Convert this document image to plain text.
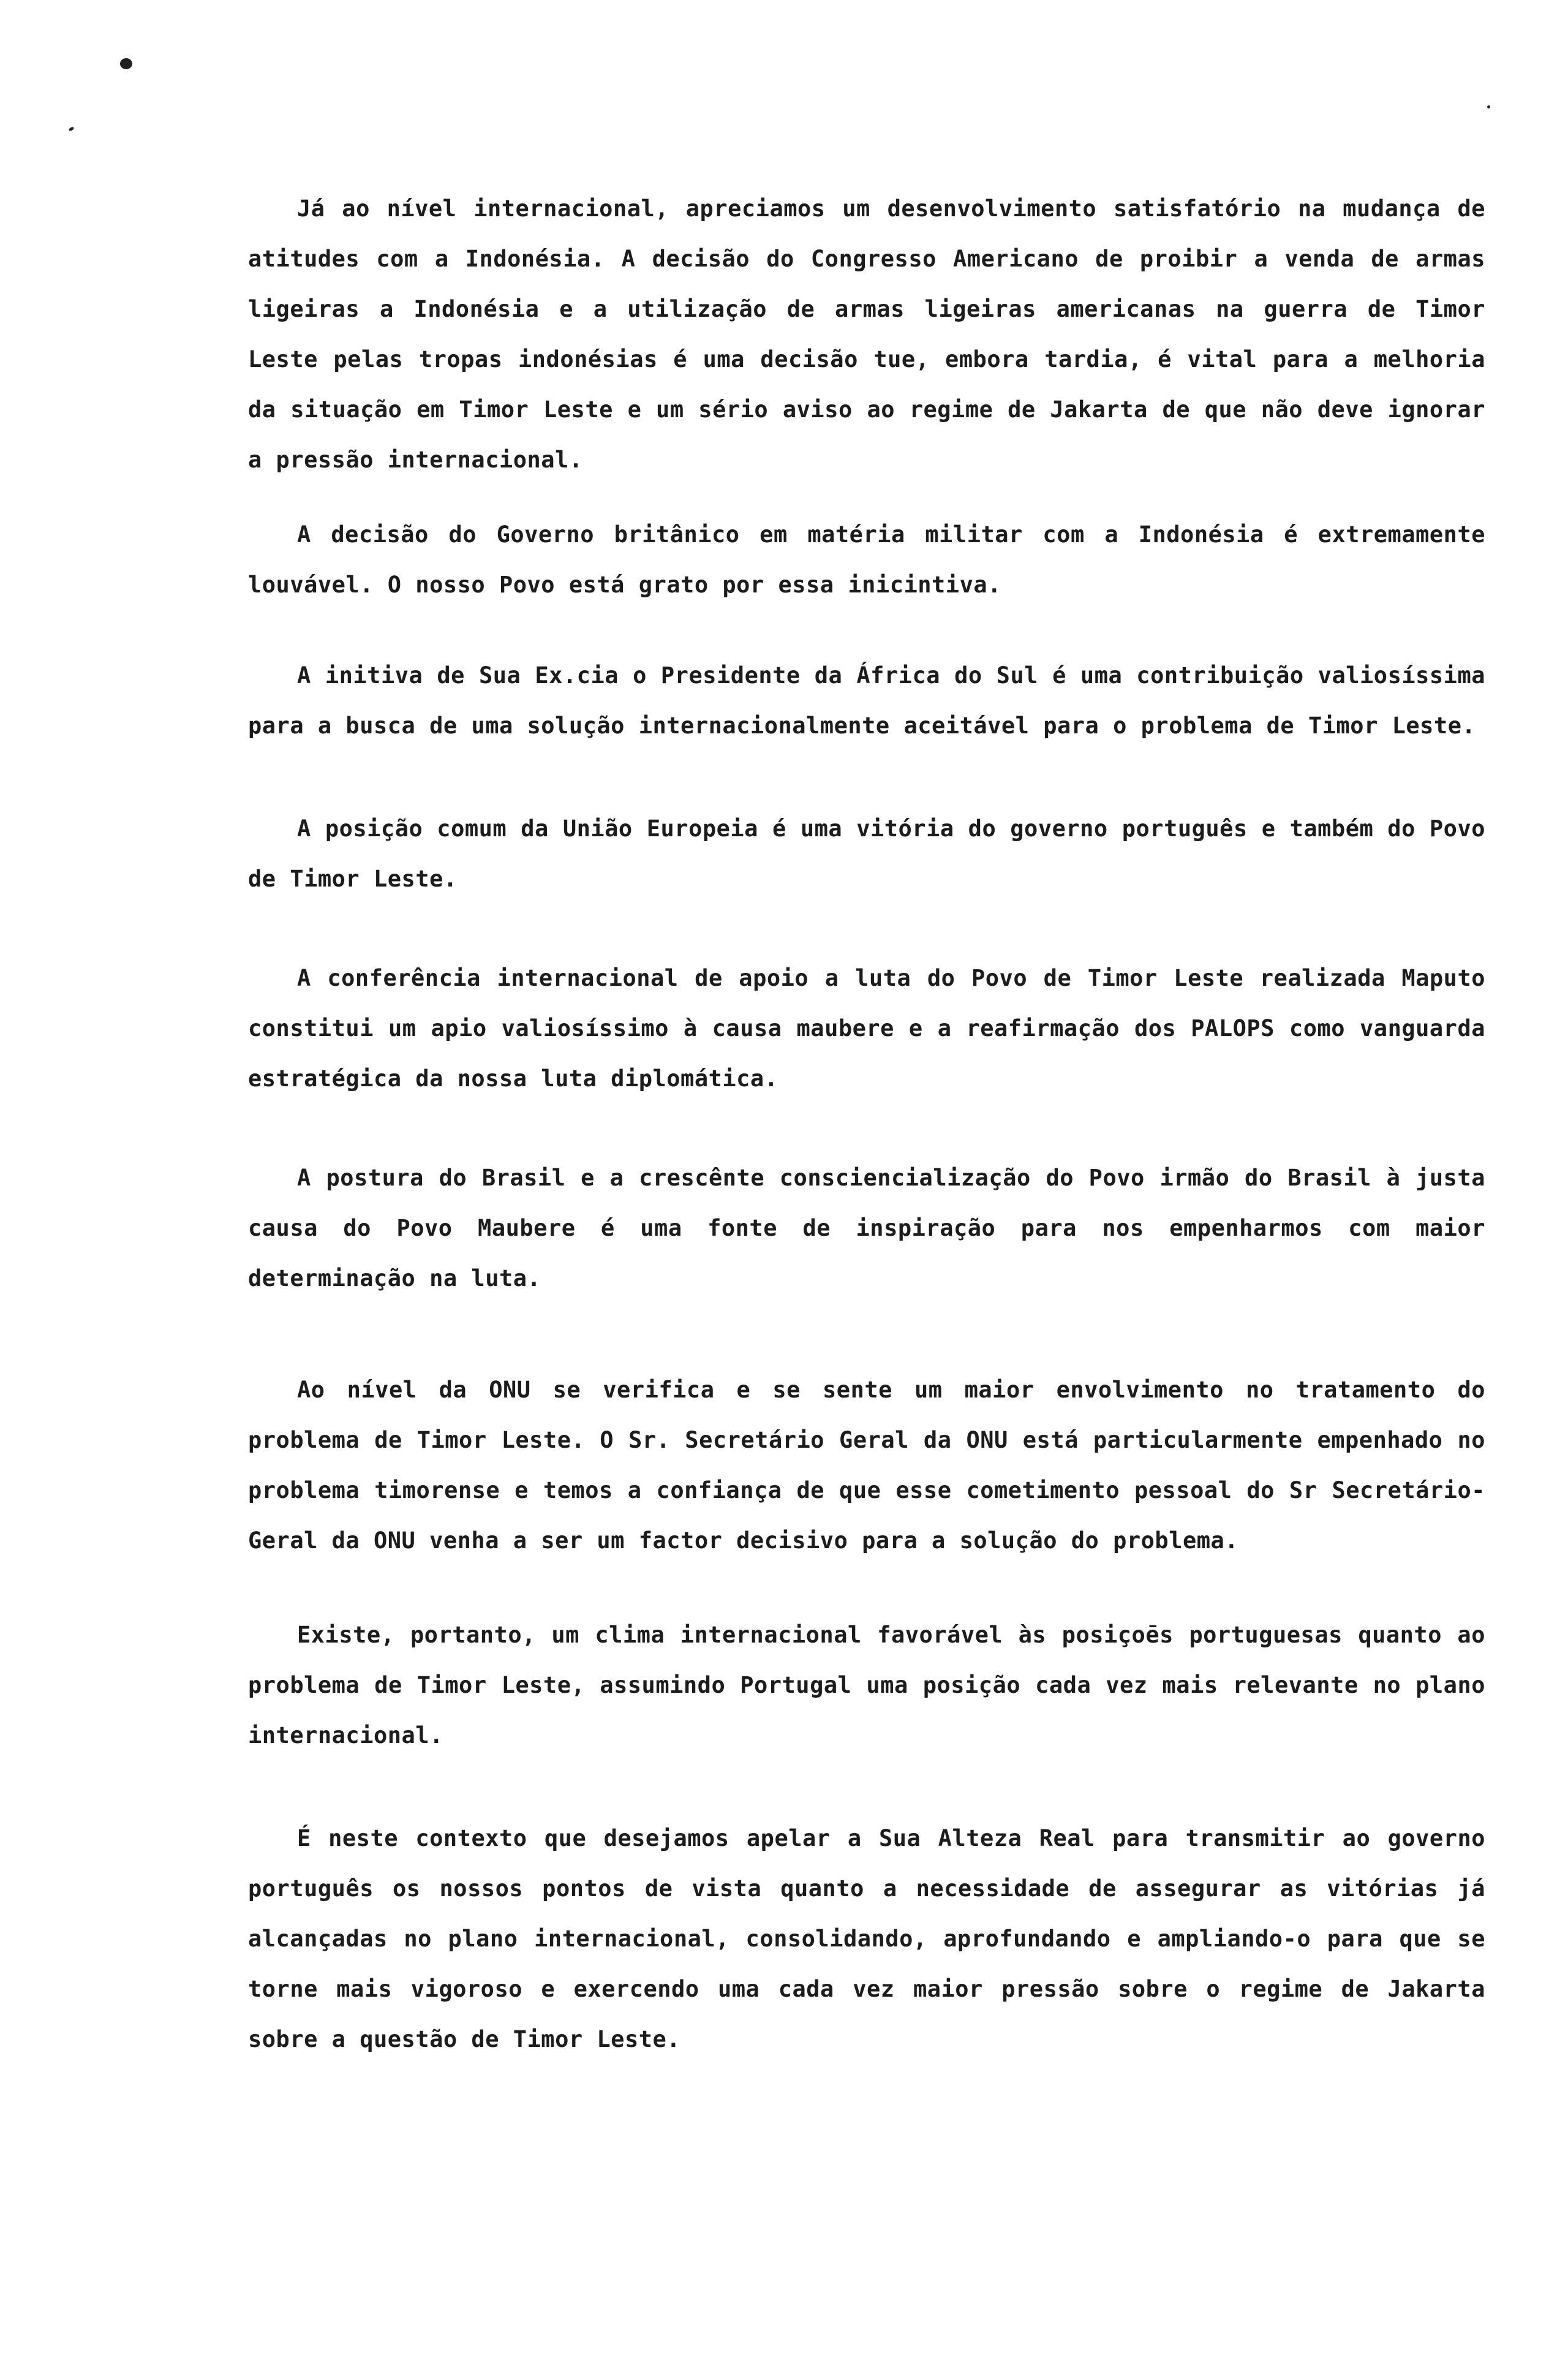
Já ao nível internacional, apreciamos um desenvolvimento satisfatório na mudança de atitudes com a Indonésia. A decisão do Congresso Americano de proibir a venda de armas ligeiras a Indonésia e a utilização de armas ligeiras americanas na guerra de Timor Leste pelas tropas indonésias é uma decisão tue, embora tardia, é vital para a melhoria da situação em Timor Leste e um sério aviso ao regime de Jakarta de que não deve ignorar a pressão internacional.

A decisão do Governo britânico em matéria militar com a Indonésia é extremamente louvável. O nosso Povo está grato por essa inicintiva.

A initiva de Sua Ex.cia o Presidente da África do Sul é uma contribuição valiosíssima para a busca de uma solução internacionalmente aceitável para o problema de Timor Leste.

A posição comum da União Europeia é uma vitória do governo português e também do Povo de Timor Leste.

A conferência internacional de apoio a luta do Povo de Timor Leste realizada Maputo constitui um apio valiosíssimo à causa maubere e a reafirmação dos PALOPS como vanguarda estratégica da nossa luta diplomática.

A postura do Brasil e a crescênte consciencialização do Povo irmão do Brasil à justa causa do Povo Maubere é uma fonte de inspiração para nos empenharmos com maior determinação na luta.

Ao nível da ONU se verifica e se sente um maior envolvimento no tratamento do problema de Timor Leste. O Sr. Secretário Geral da ONU está particularmente empenhado no problema timorense e temos a confiança de que esse cometimento pessoal do Sr Secretário-Geral da ONU venha a ser um factor decisivo para a solução do problema.

Existe, portanto, um clima internacional favorável às posiçoēs portuguesas quanto ao problema de Timor Leste, assumindo Portugal uma posição cada vez mais relevante no plano internacional.

É neste contexto que desejamos apelar a Sua Alteza Real para transmitir ao governo português os nossos pontos de vista quanto a necessidade de assegurar as vitórias já alcançadas no plano internacional, consolidando, aprofundando e ampliando-o para que se torne mais vigoroso e exercendo uma cada vez maior pressão sobre o regime de Jakarta sobre a questão de Timor Leste.
